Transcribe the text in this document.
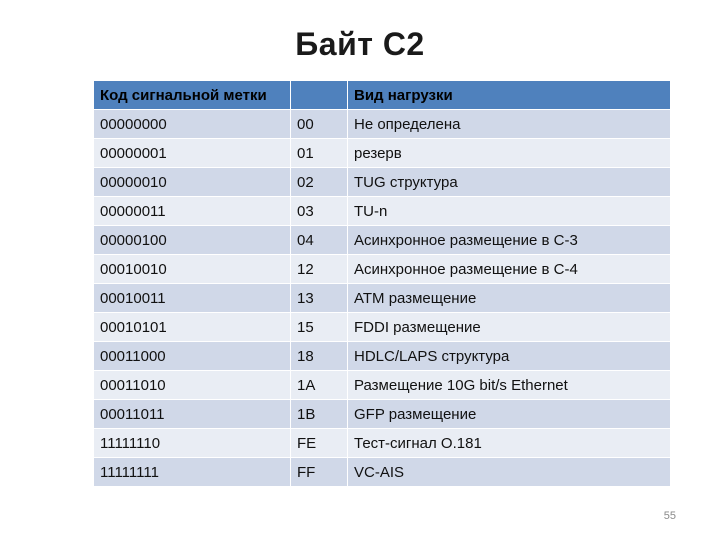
Байт C2
Код сигнальной метки		Вид нагрузки
00000000	00	Не определена
00000001	01	резерв
00000010	02	TUG структура
00000011	03	TU-n
00000100	04	Асинхронное размещение в С-3
00010010	12	Асинхронное размещение в С-4
00010011	13	ATM размещение
00010101	15	FDDI размещение
00011000	18	HDLC/LAPS структура
00011010	1A	Размещение 10G bit/s Ethernet
00011011	1B	GFP размещение
11111110	FE	Тест-сигнал O.181
11111111	FF	VC-AIS
55
